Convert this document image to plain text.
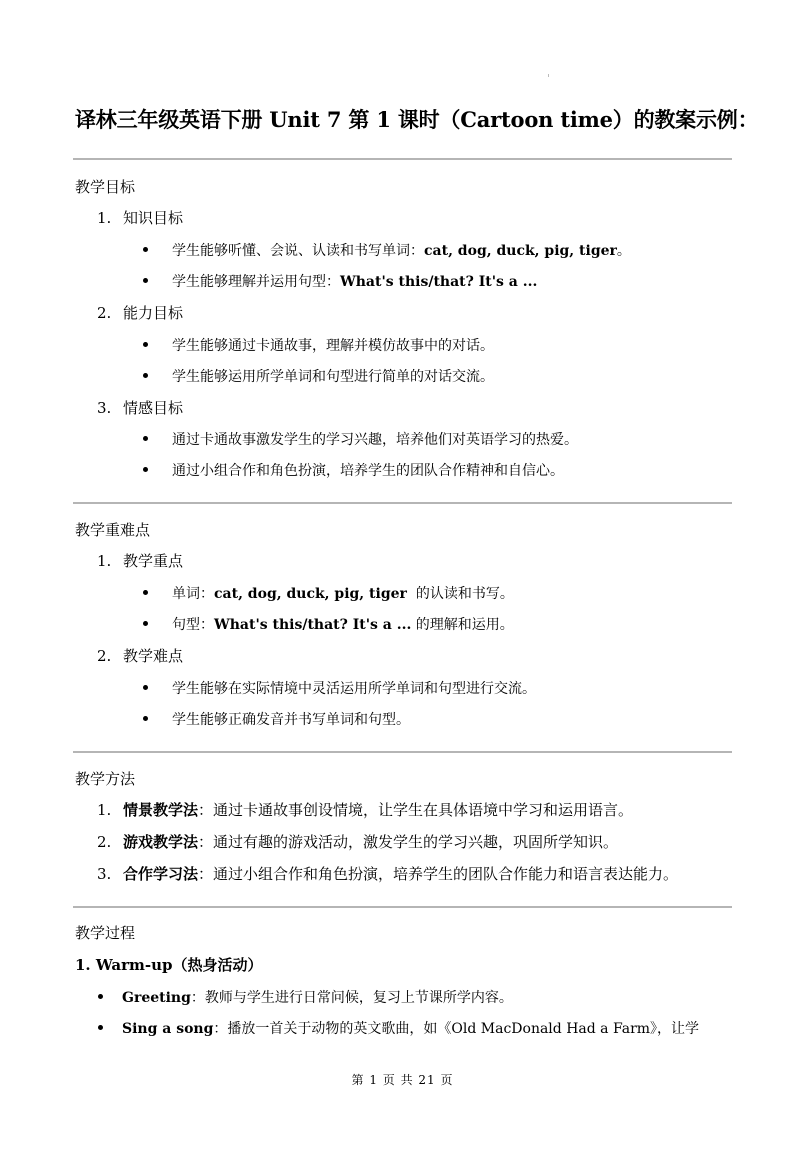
译林三年级英语下册 Unit 7 第 1 课时（Cartoon time）的教案示例：
教学目标
1. 知识目标
学生能够听懂、会说、认读和书写单词：cat, dog, duck, pig, tiger。
学生能够理解并运用句型：What's this/that? It's a ...
2. 能力目标
学生能够通过卡通故事，理解并模仿故事中的对话。
学生能够运用所学单词和句型进行简单的对话交流。
3. 情感目标
通过卡通故事激发学生的学习兴趣，培养他们对英语学习的热爱。
通过小组合作和角色扮演，培养学生的团队合作精神和自信心。
教学重难点
1. 教学重点
单词：cat, dog, duck, pig, tiger 的认读和书写。
句型：What's this/that? It's a ... 的理解和运用。
2. 教学难点
学生能够在实际情境中灵活运用所学单词和句型进行交流。
学生能够正确发音并书写单词和句型。
教学方法
1. 情景教学法：通过卡通故事创设情境，让学生在具体语境中学习和运用语言。
2. 游戏教学法：通过有趣的游戏活动，激发学生的学习兴趣，巩固所学知识。
3. 合作学习法：通过小组合作和角色扮演，培养学生的团队合作能力和语言表达能力。
教学过程
1. Warm-up（热身活动）
Greeting：教师与学生进行日常问候，复习上节课所学内容。
Sing a song：播放一首关于动物的英文歌曲，如《Old MacDonald Had a Farm》，让学
第 1 页 共 21 页
